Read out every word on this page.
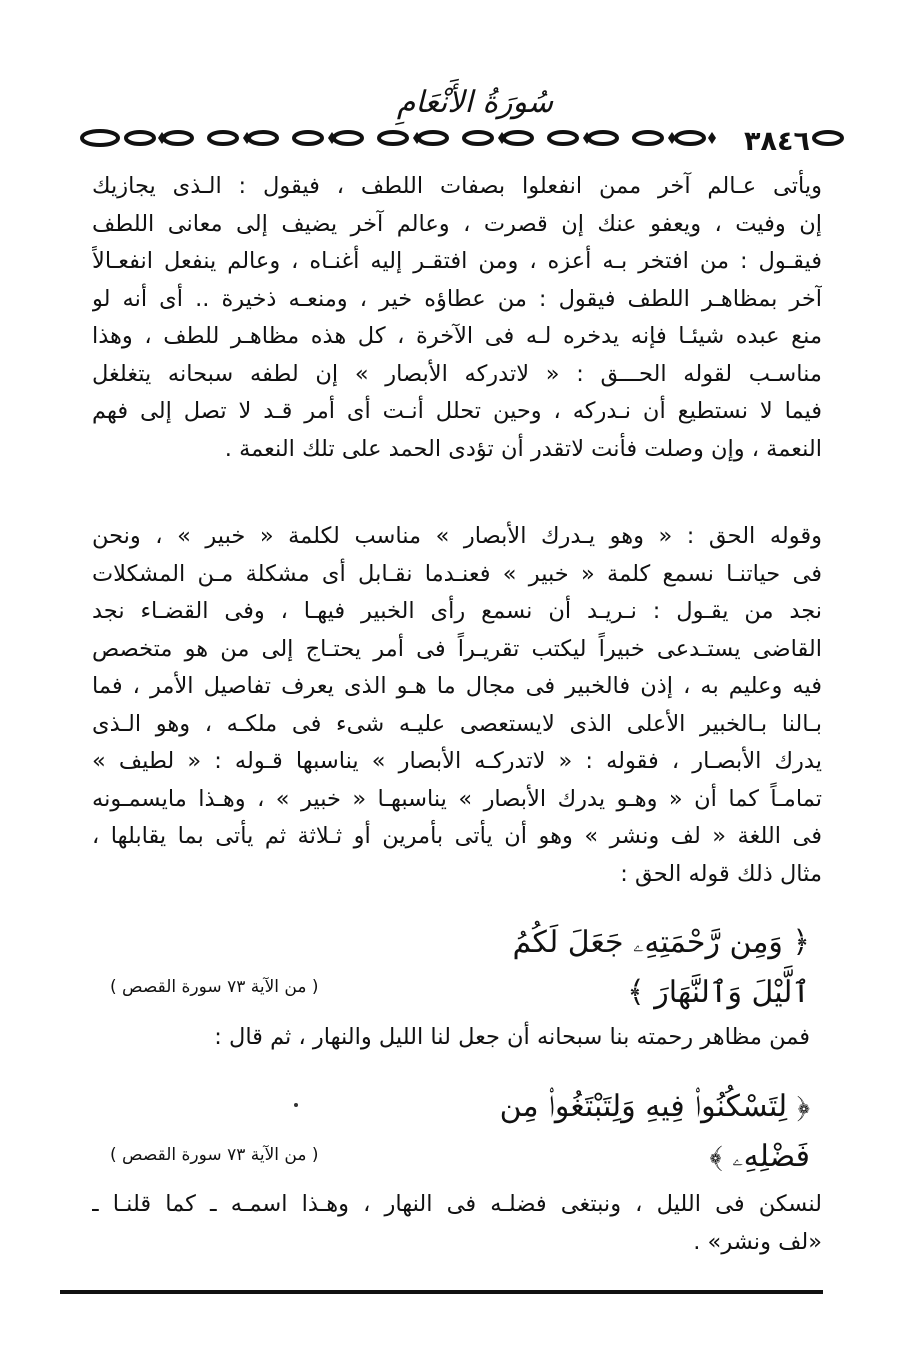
سُورَةُ الأَنْعَامِ
٣٨٤٦
ويأتى عـالم آخر ممن انفعلوا بصفات اللطف ، فيقول : الـذى يجازيك
إن وفيت ، ويعفو عنك إن قصرت ، وعالم آخر يضيف إلى معانى اللطف
فيقـول : من افتخر بـه أعزه ، ومن افتقـر إليه أغنـاه ، وعالم ينفعل انفعـالاً
آخر بمظاهـر اللطف فيقول : من عطاؤه خير ، ومنعـه ذخيرة .. أى أنه لو
منع عبده شيئـا فإنه يدخره لـه فى الآخرة ، كل هذه مظاهـر للطف ، وهذا
مناسـب لقوله الحـــق : « لاتدركه الأبصار » إن لطفه سبحانه يتغلغل
فيما لا نستطيع أن نـدركه ، وحين تحلل أنـت أى أمر قـد لا تصل إلى فهم
النعمة ، وإن وصلت فأنت لاتقدر أن تؤدى الحمد على تلك النعمة .
وقوله الحق : « وهو يـدرك الأبصار » مناسب لكلمة « خبير » ، ونحن
فى حياتنـا نسمع كلمة « خبير » فعنـدما نقـابل أى مشكلة مـن المشكلات
نجد من يقـول : نـريـد أن نسمع رأى الخبير فيهـا ، وفى القضـاء نجد
القاضى يستـدعى خبيراً ليكتب تقريـراً فى أمر يحتـاج إلى من هو متخصص
فيه وعليم به ، إذن فالخبير فى مجال ما هـو الذى يعرف تفاصيل الأمر ، فما
بـالنا بـالخبير الأعلى الذى لايستعصى عليـه شىء فى ملكـه ، وهو الـذى
يدرك الأبصـار ، فقوله : « لاتدركـه الأبصار » يناسبها قـوله : « لطيف »
تمامـاً كما أن « وهـو يدرك الأبصار » يناسبهـا « خبير » ، وهـذا مايسمـونه
فى اللغة « لف ونشر » وهو أن يأتى بأمرين أو ثـلاثة ثم يأتى بما يقابلها ،
مثال ذلك قوله الحق :
﴿ وَمِن رَّحْمَتِهِۦ جَعَلَ لَكُمُ ٱلَّيْلَ وَٱلنَّهَارَ ﴾
( من الآية ٧٣ سورة القصص )
فمن مظاهر رحمته بنا سبحانه أن جعل لنا الليل والنهار ، ثم قال :
﴿ لِتَسْكُنُوا۟ فِيهِ وَلِتَبْتَغُوا۟ مِن فَضْلِهِۦ ﴾
( من الآية ٧٣ سورة القصص )
لنسكن فى الليل ، ونبتغى فضلـه فى النهار ، وهـذا اسمـه ـ كما قلنـا ـ
«لف ونشر» .
